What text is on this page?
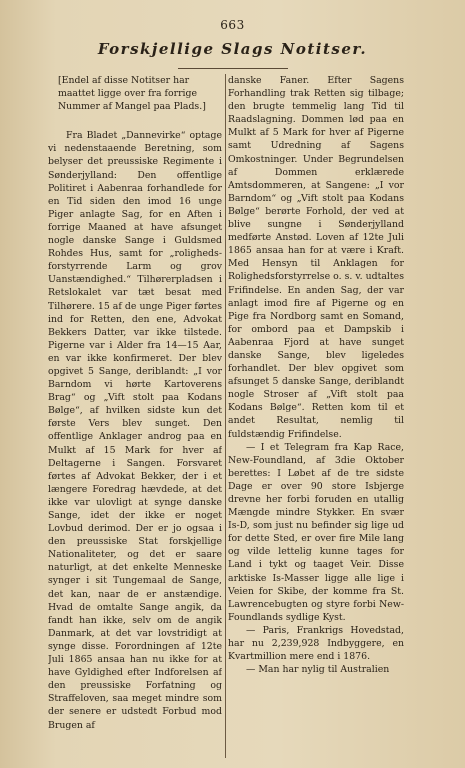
663
Forskjellige Slags Notitser.

[Endel af disse Notitser har maattet ligge over fra forrige Nummer af Mangel paa Plads.]

Fra Bladet „Dannevirke“ optage vi nedenstaaende Beretning, som belyser det preussiske Regimente i Sønderjylland: Den offentlige Politiret i Aabenraa forhandlede for en Tid siden den imod 16 unge Piger anlagte Sag, for en Aften i forrige Maaned at have afsunget nogle danske Sange i Guldsmed Rohdes Hus, samt for „roligheds-forstyrrende Larm og grov Uanstændighed.“ Tilhørerpladsen i Retslokalet var tæt besat med Tilhørere. 15 af de unge Piger førtes ind for Retten, den ene, Advokat Bekkers Datter, var ikke tilstede. Pigerne var i Alder fra 14—15 Aar, en var ikke konfirmeret. Der blev opgivet 5 Sange, deriblandt: „I vor Barndom vi hørte Kartoverens Brag“ og „Vift stolt paa Kodans Bølge“, af hvilken sidste kun det første Vers blev sunget. Den offentlige Anklager androg paa en Mulkt af 15 Mark for hver af Deltagerne i Sangen. Forsvaret førtes af Advokat Bekker, der i et længere Foredrag hævdede, at det ikke var ulovligt at synge danske Sange, idet der ikke er noget Lovbud derimod. Der er jo ogsaa i den preussiske Stat forskjellige Nationaliteter, og det er saare naturligt, at det enkelte Menneske synger i sit Tungemaal de Sange, det kan, naar de er anstændige. Hvad de omtalte Sange angik, da fandt han ikke, selv om de angik Danmark, at det var lovstridigt at synge disse. Forordningen af 12te Juli 1865 ansaa han nu ikke for at have Gyldighed efter Indforelsen af den preussiske Forfatning og Straffeloven, saa meget mindre som der senere er udstedt Forbud mod Brugen af

danske Faner. Efter Sagens Forhandling trak Retten sig tilbage; den brugte temmelig lang Tid til Raadslagning. Dommen lød paa en Mulkt af 5 Mark for hver af Pigerne samt Udredning af Sagens Omkostninger. Under Begrundelsen af Dommen erklærede Amtsdommeren, at Sangene: „I vor Barndom“ og „Vift stolt paa Kodans Bølge“ berørte Forhold, der ved at blive sungne i Sønderjylland medførte Anstød. Loven af 12te Juli 1865 ansaa han for at være i Kraft. Med Hensyn til Anklagen for Rolighedsforstyrrelse o. s. v. udtaltes Frifindelse. En anden Sag, der var anlagt imod fire af Pigerne og en Pige fra Nordborg samt en Somand, for ombord paa et Dampskib i Aabenraa Fjord at have sunget danske Sange, blev ligeledes forhandlet. Der blev opgivet som afsunget 5 danske Sange, deriblandt nogle Stroser af „Vift stolt paa Kodans Bølge“. Retten kom til et andet Resultat, nemlig til fuldstændig Frifindelse.

— I et Telegram fra Kap Race, New-Foundland, af 3die Oktober berettes: I Løbet af de tre sidste Dage er over 90 store Isbjerge drevne her forbi foruden en utallig Mængde mindre Stykker. En svær Is-D, som just nu befinder sig lige ud for dette Sted, er over fire Mile lang og vilde lettelig kunne tages for Land i tykt og taaget Veir. Disse arktiske Is-Masser ligge alle lige i Veien for Skibe, der komme fra St. Lawrencebugten og styre forbi New-Foundlands sydlige Kyst.

— Paris, Frankrigs Hovedstad, har nu 2,239,928 Indbyggere, en Kvartmillion mere end i 1876.

— Man har nylig til Australien
